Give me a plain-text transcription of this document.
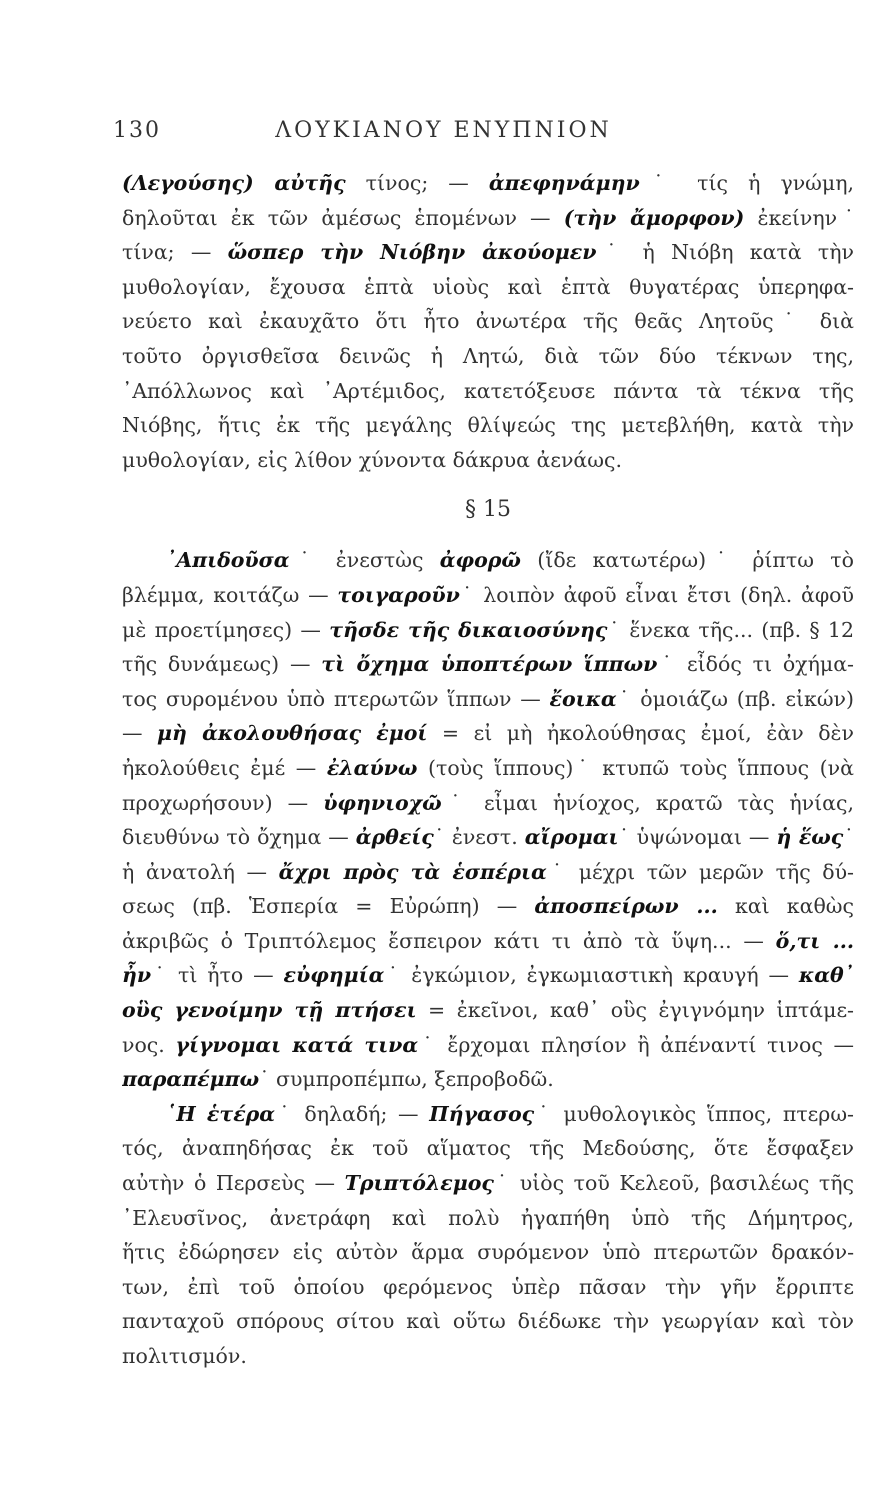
ΛΟΥΚΙΑΝΟΥ ΕΝΥΠΝΙΟΝ
130
(Λεγούσης) αὐτῆς τίνος; — ἀπεφηνάμην˙ τίς ἡ γνώμη,
δηλοῦται ἐκ τῶν ἀμέσως ἑπομένων — (τὴν ἄμορφον) ἐκείνην˙
τίνα; — ὥσπερ τὴν Νιόβην ἀκούομεν˙ ἡ Νιόβη κατὰ τὴν
μυθολογίαν, ἔχουσα ἑπτὰ υἱοὺς καὶ ἑπτὰ θυγατέρας ὑπερηφα-
νεύετο καὶ ἐκαυχᾶτο ὅτι ἦτο ἀνωτέρα τῆς θεᾶς Λητοῦς˙ διὰ
τοῦτο ὀργισθεῖσα δεινῶς ἡ Λητώ, διὰ τῶν δύο τέκνων της,
᾿Απόλλωνος καὶ ᾿Αρτέμιδος, κατετόξευσε πάντα τὰ τέκνα τῆς
Νιόβης, ἥτις ἐκ τῆς μεγάλης θλίψεώς της μετεβλήθη, κατὰ τὴν
μυθολογίαν, εἰς λίθον χύνοντα δάκρυα ἀενάως.
§ 15
᾿Απιδοῦσα˙ ἐνεστὼς ἀφορῶ (ἴδε κατωτέρω)˙ ῥίπτω τὸ
βλέμμα, κοιτάζω — τοιγαροῦν˙ λοιπὸν ἀφοῦ εἶναι ἔτσι (δηλ. ἀφοῦ
μὲ προετίμησες) — τῆσδε τῆς δικαιοσύνης˙ ἕνεκα τῆς... (πβ. § 12
τῆς δυνάμεως) — τὶ ὄχημα ὑποπτέρων ἵππων˙ εἶδός τι ὀχήμα-
τος συρομένου ὑπὸ πτερωτῶν ἵππων — ἔοικα˙ ὁμοιάζω (πβ. εἰκών)
— μὴ ἀκολουθήσας ἐμοί = εἰ μὴ ἠκολούθησας ἐμοί, ἐὰν δὲν
ἠκολούθεις ἐμέ — ἐλαύνω (τοὺς ἵππους)˙ κτυπῶ τοὺς ἵππους (νὰ
προχωρήσουν) — ὑφηνιοχῶ˙ εἶμαι ἡνίοχος, κρατῶ τὰς ἡνίας,
διευθύνω τὸ ὄχημα — ἀρθείς˙ ἐνεστ. αἴρομαι˙ ὑψώνομαι — ἡ ἕως˙
ἡ ἀνατολή — ἄχρι πρὸς τὰ ἑσπέρια˙ μέχρι τῶν μερῶν τῆς δύ-
σεως (πβ. Ἑσπερία = Εὐρώπη) — ἀποσπείρων ... καὶ καθὼς
ἀκριβῶς ὁ Τριπτόλεμος ἔσπειρον κάτι τι ἀπὸ τὰ ὕψη... — ὅ,τι ...
ἦν˙ τὶ ἦτο — εὐφημία˙ ἐγκώμιον, ἐγκωμιαστικὴ κραυγή — καθ᾿
οὓς γενοίμην τῇ πτήσει = ἐκεῖνοι, καθ᾿ οὓς ἐγιγνόμην ἱπτάμε-
νος. γίγνομαι κατά τινα˙ ἔρχομαι πλησίον ἢ ἀπέναντί τινος —
παραπέμπω˙ συμπροπέμπω, ξεπροβοδῶ.
῾Η ἑτέρα˙ δηλαδή; — Πήγασος˙ μυθολογικὸς ἵππος, πτερω-
τός, ἀναπηδήσας ἐκ τοῦ αἵματος τῆς Μεδούσης, ὅτε ἔσφαξεν
αὐτὴν ὁ Περσεὺς — Τριπτόλεμος˙ υἱὸς τοῦ Κελεοῦ, βασιλέως τῆς
᾿Ελευσῖνος, ἀνετράφη καὶ πολὺ ἠγαπήθη ὑπὸ τῆς Δήμητρος,
ἥτις ἐδώρησεν εἰς αὐτὸν ἅρμα συρόμενον ὑπὸ πτερωτῶν δρακόν-
των, ἐπὶ τοῦ ὁποίου φερόμενος ὑπὲρ πᾶσαν τὴν γῆν ἔρριπτε
πανταχοῦ σπόρους σίτου καὶ οὕτω διέδωκε τὴν γεωργίαν καὶ τὸν
πολιτισμόν.
